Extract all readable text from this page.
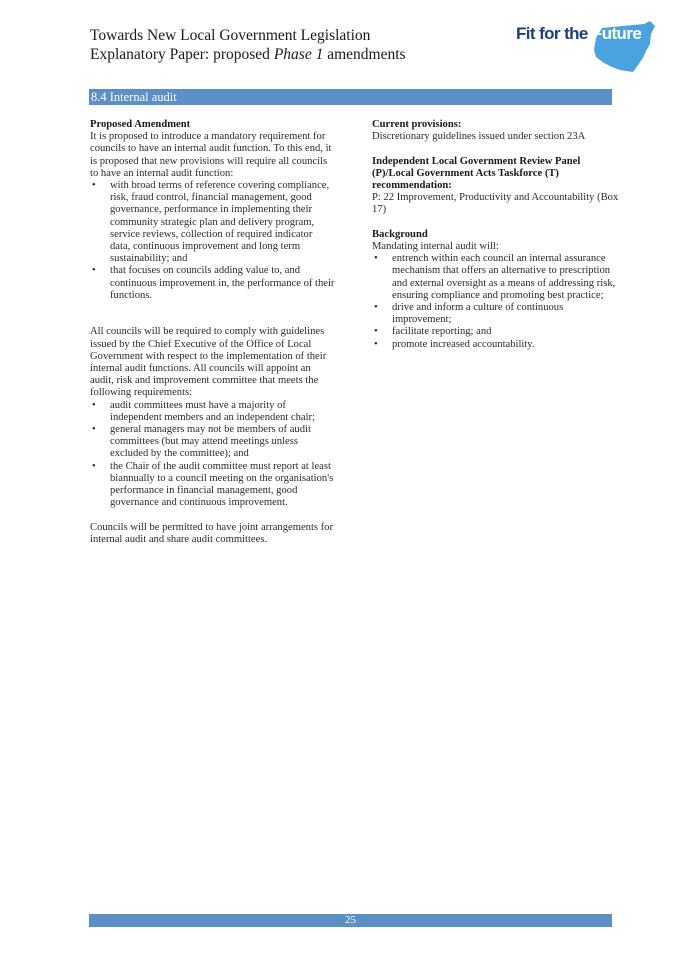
Towards New Local Government Legislation
Explanatory Paper: proposed Phase 1 amendments
Fit for the Future
8.4 Internal audit
Proposed Amendment

It is proposed to introduce a mandatory requirement for councils to have an internal audit function. To this end, it is proposed that new provisions will require all councils to have an internal audit function:

• with broad terms of reference covering compliance, risk, fraud control, financial management, good governance, performance in implementing their community strategic plan and delivery program, service reviews, collection of required indicator data, continuous improvement and long term sustainability; and
• that focuses on councils adding value to, and continuous improvement in, the performance of their functions.

All councils will be required to comply with guidelines issued by the Chief Executive of the Office of Local Government with respect to the implementation of their internal audit functions. All councils will appoint an audit, risk and improvement committee that meets the following requirements:

• audit committees must have a majority of independent members and an independent chair;
• general managers may not be members of audit committees (but may attend meetings unless excluded by the committee); and
• the Chair of the audit committee must report at least biannually to a council meeting on the organisation's performance in financial management, good governance and continuous improvement.

Councils will be permitted to have joint arrangements for internal audit and share audit committees.

Current provisions:

Discretionary guidelines issued under section 23A

Independent Local Government Review Panel (P)/Local Government Acts Taskforce (T) recommendation:

P: 22 Improvement, Productivity and Accountability (Box 17)

Background

Mandating internal audit will:

• entrench within each council an internal assurance mechanism that offers an alternative to prescription and external oversight as a means of addressing risk, ensuring compliance and promoting best practice;
• drive and inform a culture of continuous improvement;
• facilitate reporting; and
• promote increased accountability.
25
